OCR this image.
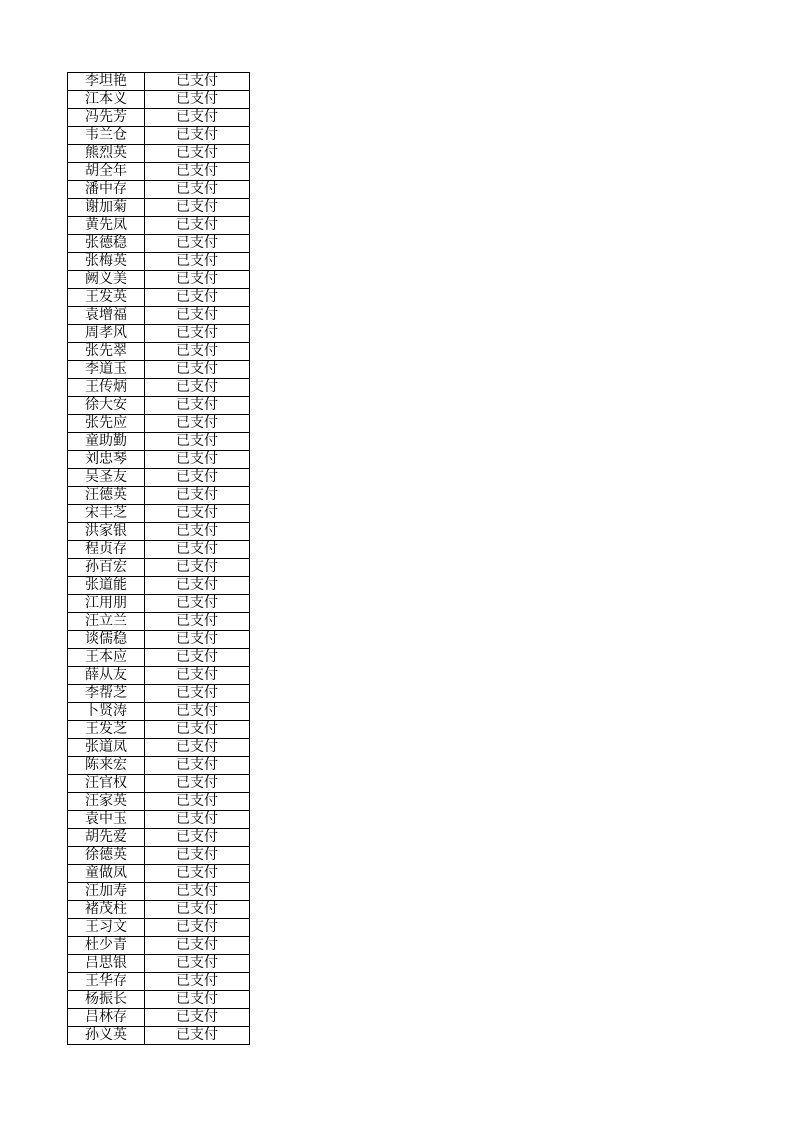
李坦艳	已支付
江本义	已支付
冯先芳	已支付
韦兰仓	已支付
熊烈英	已支付
胡全年	已支付
潘中存	已支付
谢加菊	已支付
黄先凤	已支付
张德稳	已支付
张梅英	已支付
阙义美	已支付
王发英	已支付
袁增福	已支付
周孝风	已支付
张先翠	已支付
李道玉	已支付
王传炳	已支付
徐大安	已支付
张先应	已支付
童助勤	已支付
刘忠琴	已支付
吴圣友	已支付
汪德英	已支付
宋丰芝	已支付
洪家银	已支付
程贞存	已支付
孙百宏	已支付
张道能	已支付
江用朋	已支付
汪立兰	已支付
谈儒稳	已支付
王本应	已支付
薛从友	已支付
李帮芝	已支付
卜贤涛	已支付
王发芝	已支付
张道凤	已支付
陈来宏	已支付
汪官权	已支付
汪家英	已支付
袁中玉	已支付
胡先爱	已支付
徐德英	已支付
童做凤	已支付
汪加寿	已支付
褚茂柱	已支付
王习文	已支付
杜少青	已支付
吕思银	已支付
王华存	已支付
杨振长	已支付
吕林存	已支付
孙义英	已支付
